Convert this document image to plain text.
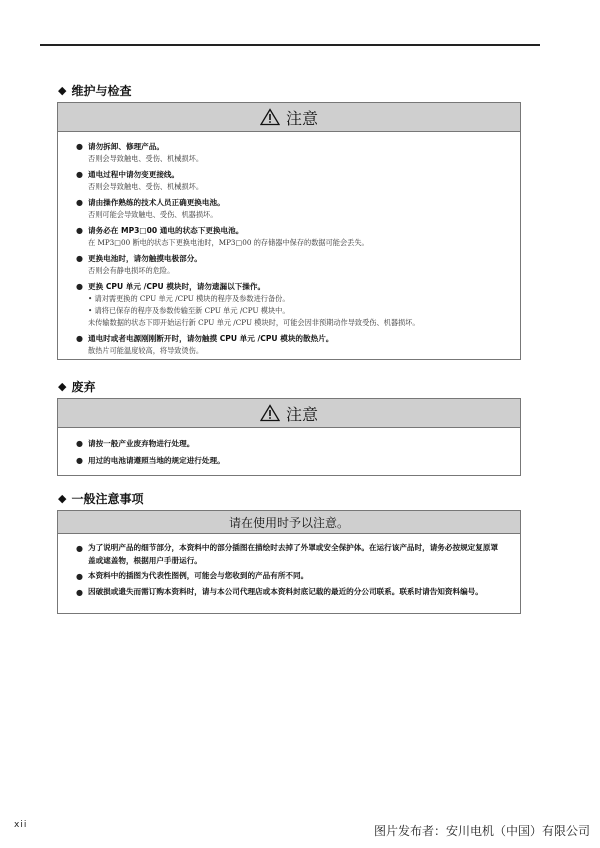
◆ 维护与检查
注意
● 请勿拆卸、修理产品。
否则会导致触电、受伤、机械损坏。
● 通电过程中请勿变更接线。
否则会导致触电、受伤、机械损坏。
● 请由操作熟练的技术人员正确更换电池。
否则可能会导致触电、受伤、机器损坏。
● 请务必在 MP3□00 通电的状态下更换电池。
在 MP3□00 断电的状态下更换电池时，MP3□00 的存储器中保存的数据可能会丢失。
● 更换电池时，请勿触摸电极部分。
否则会有静电损坏的危险。
● 更换 CPU 单元 /CPU 模块时，请勿遗漏以下操作。
• 请对需更换的 CPU 单元 /CPU 模块的程序及参数进行备份。
• 请将已保存的程序及参数传输至新 CPU 单元 /CPU 模块中。
未传输数据的状态下即开始运行新 CPU 单元 /CPU 模块时，可能会因非预期动作导致受伤、机器损坏。
● 通电时或者电源刚刚断开时，请勿触摸 CPU 单元 /CPU 模块的散热片。
散热片可能温度较高，将导致烫伤。
◆ 废弃
注意
● 请按一般产业废弃物进行处理。
● 用过的电池请遵照当地的规定进行处理。
◆ 一般注意事项
请在使用时予以注意。
● 为了说明产品的细节部分，本资料中的部分插图在描绘时去掉了外罩或安全保护体。在运行该产品时，请务必按规定复原罩盖或遮盖物，根据用户手册运行。
● 本资料中的插图为代表性图例，可能会与您收到的产品有所不同。
● 因破损或遗失而需订购本资料时，请与本公司代理店或本资料封底记载的最近的分公司联系。联系时请告知资料编号。
xii	图片发布者：安川电机（中国）有限公司
